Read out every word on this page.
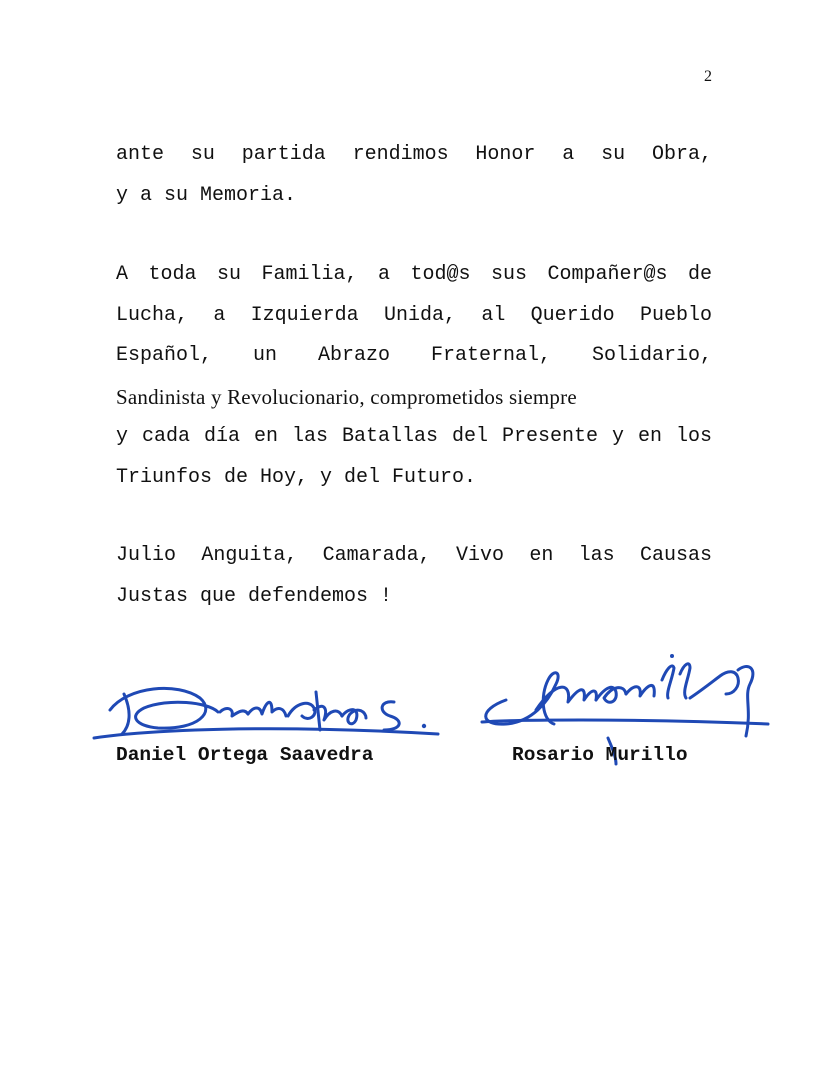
2
ante su partida rendimos Honor a su Obra,
y a su Memoria.
A toda su Familia, a tod@s sus Compañer@s de
Lucha, a Izquierda Unida, al Querido Pueblo
Español, un Abrazo Fraternal, Solidario,
Sandinista y Revolucionario, comprometidos siempre
y cada día en las Batallas del Presente y en los
Triunfos de Hoy, y del Futuro.
Julio Anguita, Camarada, Vivo en las Causas
Justas que defendemos !
Daniel Ortega Saavedra	Rosario Murillo
